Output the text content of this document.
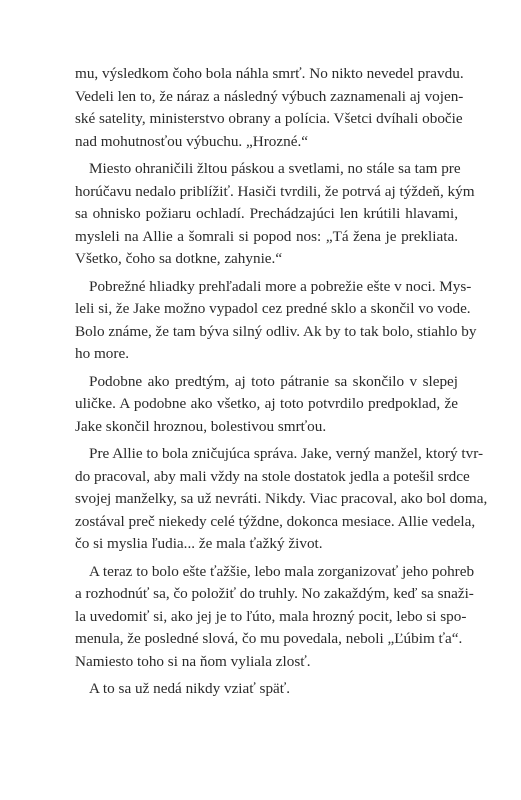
mu, výsledkom čoho bola náhla smrť. No nikto nevedel pravdu.
Vedeli len to, že náraz a následný výbuch zaznamenali aj vojen-
ské satelity, ministerstvo obrany a polícia. Všetci dvíhali obočie
nad mohutnosťou výbuchu. „Hrozné.“
Miesto ohraničili žltou páskou a svetlami, no stále sa tam pre
horúčavu nedalo priblížiť. Hasiči tvrdili, že potrvá aj týždeň, kým
sa ohnisko požiaru ochladí. Prechádzajúci len krútili hlavami,
mysleli na Allie a šomrali si popod nos: „Tá žena je prekliata.
Všetko, čoho sa dotkne, zahynie.“
Pobrežné hliadky prehľadali more a pobrežie ešte v noci. Mys-
leli si, že Jake možno vypadol cez predné sklo a skončil vo vode.
Bolo známe, že tam býva silný odliv. Ak by to tak bolo, stiahlo by
ho more.
Podobne ako predtým, aj toto pátranie sa skončilo v slepej
uličke. A podobne ako všetko, aj toto potvrdilo predpoklad, že
Jake skončil hroznou, bolestivou smrťou.
Pre Allie to bola zničujúca správa. Jake, verný manžel, ktorý tvr-
do pracoval, aby mali vždy na stole dostatok jedla a potešil srdce
svojej manželky, sa už nevráti. Nikdy. Viac pracoval, ako bol doma,
zostával preč niekedy celé týždne, dokonca mesiace. Allie vedela,
čo si myslia ľudia... že mala ťažký život.
A teraz to bolo ešte ťažšie, lebo mala zorganizovať jeho pohreb
a rozhodnúť sa, čo položiť do truhly. No zakaždým, keď sa snaži-
la uvedomiť si, ako jej je to ľúto, mala hrozný pocit, lebo si spo-
menula, že posledné slová, čo mu povedala, neboli „Ľúbim ťa“.
Namiesto toho si na ňom vyliala zlosť.
A to sa už nedá nikdy vziať späť.
